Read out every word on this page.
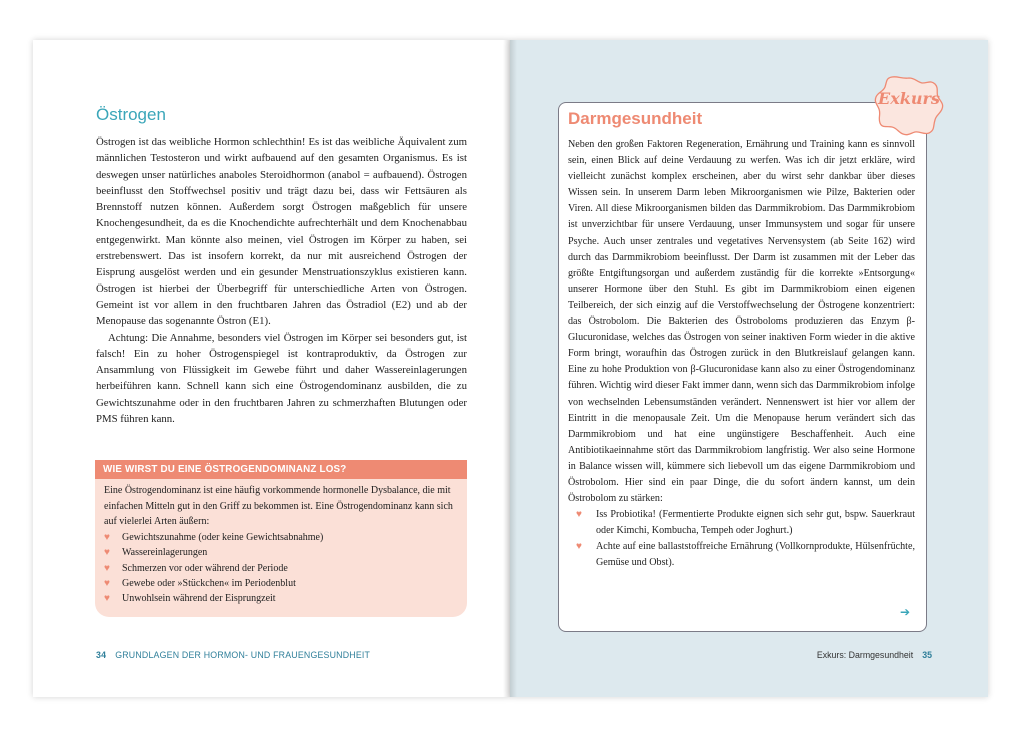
Östrogen

Östrogen ist das weibliche Hormon schlechthin! Es ist das weibliche Äquivalent zum männlichen Testosteron und wirkt aufbauend auf den gesamten Organismus. Es ist deswegen unser natürliches anaboles Steroidhormon (anabol = aufbauend). Östrogen beeinflusst den Stoffwechsel positiv und trägt dazu bei, dass wir Fettsäuren als Brennstoff nutzen können. Außerdem sorgt Östrogen maßgeblich für unsere Knochengesundheit, da es die Knochendichte aufrechterhält und dem Knochenabbau entgegenwirkt. Man könnte also meinen, viel Östrogen im Körper zu haben, sei erstrebenswert. Das ist insofern korrekt, da nur mit ausreichend Östrogen der Eisprung ausgelöst werden und ein gesunder Menstruationszyklus existieren kann. Östrogen ist hierbei der Überbegriff für unterschiedliche Arten von Östrogen. Gemeint ist vor allem in den fruchtbaren Jahren das Östradiol (E2) und ab der Menopause das sogenannte Östron (E1).

Achtung: Die Annahme, besonders viel Östrogen im Körper sei besonders gut, ist falsch! Ein zu hoher Östrogenspiegel ist kontraproduktiv, da Östrogen zur Ansammlung von Flüssigkeit im Gewebe führt und daher Wassereinlagerungen herbeiführen kann. Schnell kann sich eine Östrogendominanz ausbilden, die zu Gewichtszunahme oder in den fruchtbaren Jahren zu schmerzhaften Blutungen oder PMS führen kann.

WIE WIRST DU EINE ÖSTROGENDOMINANZ LOS?
Eine Östrogendominanz ist eine häufig vorkommende hormonelle Dysbalance, die mit einfachen Mitteln gut in den Griff zu bekommen ist. Eine Östrogendominanz kann sich auf vielerlei Arten äußern:
♥	Gewichtszunahme (oder keine Gewichtsabnahme)
♥	Wassereinlagerungen
♥	Schmerzen vor oder während der Periode
♥	Gewebe oder »Stückchen« im Periodenblut
♥	Unwohlsein während der Eisprungzeit
34 GRUNDLAGEN DER HORMON- UND FRAUENGESUNDHEIT
Exkurs
Darmgesundheit

Neben den großen Faktoren Regeneration, Ernährung und Training kann es sinnvoll sein, einen Blick auf deine Verdauung zu werfen. Was ich dir jetzt erkläre, wird vielleicht zunächst komplex erscheinen, aber du wirst sehr dankbar über dieses Wissen sein. In unserem Darm leben Mikroorganismen wie Pilze, Bakterien oder Viren. All diese Mikroorganismen bilden das Darmmikrobiom. Das Darmmikrobiom ist unverzichtbar für unsere Verdauung, unser Immunsystem und sogar für unsere Psyche. Auch unser zentrales und vegetatives Nervensystem (ab Seite 162) wird durch das Darmmikrobiom beeinflusst. Der Darm ist zusammen mit der Leber das größte Entgiftungsorgan und außerdem zuständig für die korrekte »Entsorgung« unserer Hormone über den Stuhl. Es gibt im Darmmikrobiom einen eigenen Teilbereich, der sich einzig auf die Verstoffwechselung der Östrogene konzentriert: das Östrobolom. Die Bakterien des Östroboloms produzieren das Enzym β-Glucuronidase, welches das Östrogen von seiner inaktiven Form wieder in die aktive Form bringt, woraufhin das Östrogen zurück in den Blutkreislauf gelangen kann. Eine zu hohe Produktion von β-Glucuronidase kann also zu einer Östrogendominanz führen. Wichtig wird dieser Fakt immer dann, wenn sich das Darmmikrobiom infolge von wechselnden Lebensumständen verändert. Nennenswert ist hier vor allem der Eintritt in die menopausale Zeit. Um die Menopause herum verändert sich das Darmmikrobiom und hat eine ungünstigere Beschaffenheit. Auch eine Antibiotikaeinnahme stört das Darmmikrobiom langfristig. Wer also seine Hormone in Balance wissen will, kümmere sich liebevoll um das eigene Darmmikrobiom und Östrobolom. Hier sind ein paar Dinge, die du sofort ändern kannst, um dein Östrobolom zu stärken:

♥	Iss Probiotika! (Fermentierte Produkte eignen sich sehr gut, bspw. Sauerkraut oder Kimchi, Kombucha, Tempeh oder Joghurt.)
♥	Achte auf eine ballaststoffreiche Ernährung (Vollkornprodukte, Hülsenfrüchte, Gemüse und Obst).
➔
Exkurs: Darmgesundheit 35
